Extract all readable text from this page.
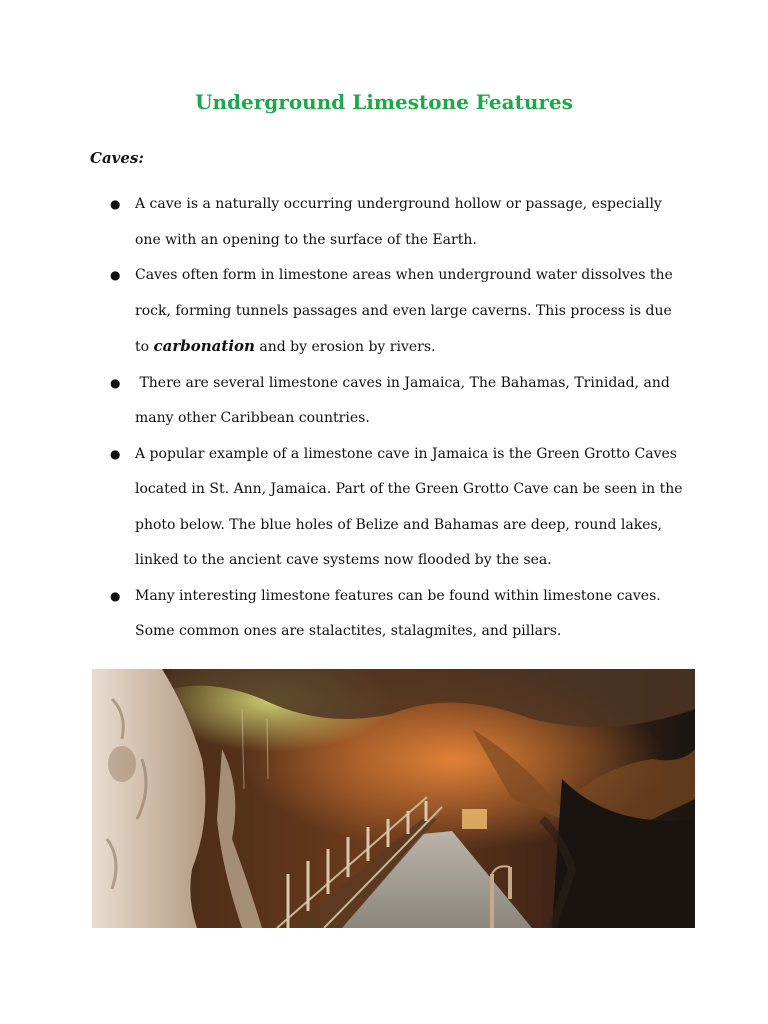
Underground Limestone Features
Caves:
● A cave is a naturally occurring underground hollow or passage, especially one with an opening to the surface of the Earth.
● Caves often form in limestone areas when underground water dissolves the rock, forming tunnels passages and even large caverns. This process is due to carbonation and by erosion by rivers.
● There are several limestone caves in Jamaica, The Bahamas, Trinidad, and many other Caribbean countries.
● A popular example of a limestone cave in Jamaica is the Green Grotto Caves located in St. Ann, Jamaica. Part of the Green Grotto Cave can be seen in the photo below. The blue holes of Belize and Bahamas are deep, round lakes, linked to the ancient cave systems now flooded by the sea.
● Many interesting limestone features can be found within limestone caves. Some common ones are stalactites, stalagmites, and pillars.
